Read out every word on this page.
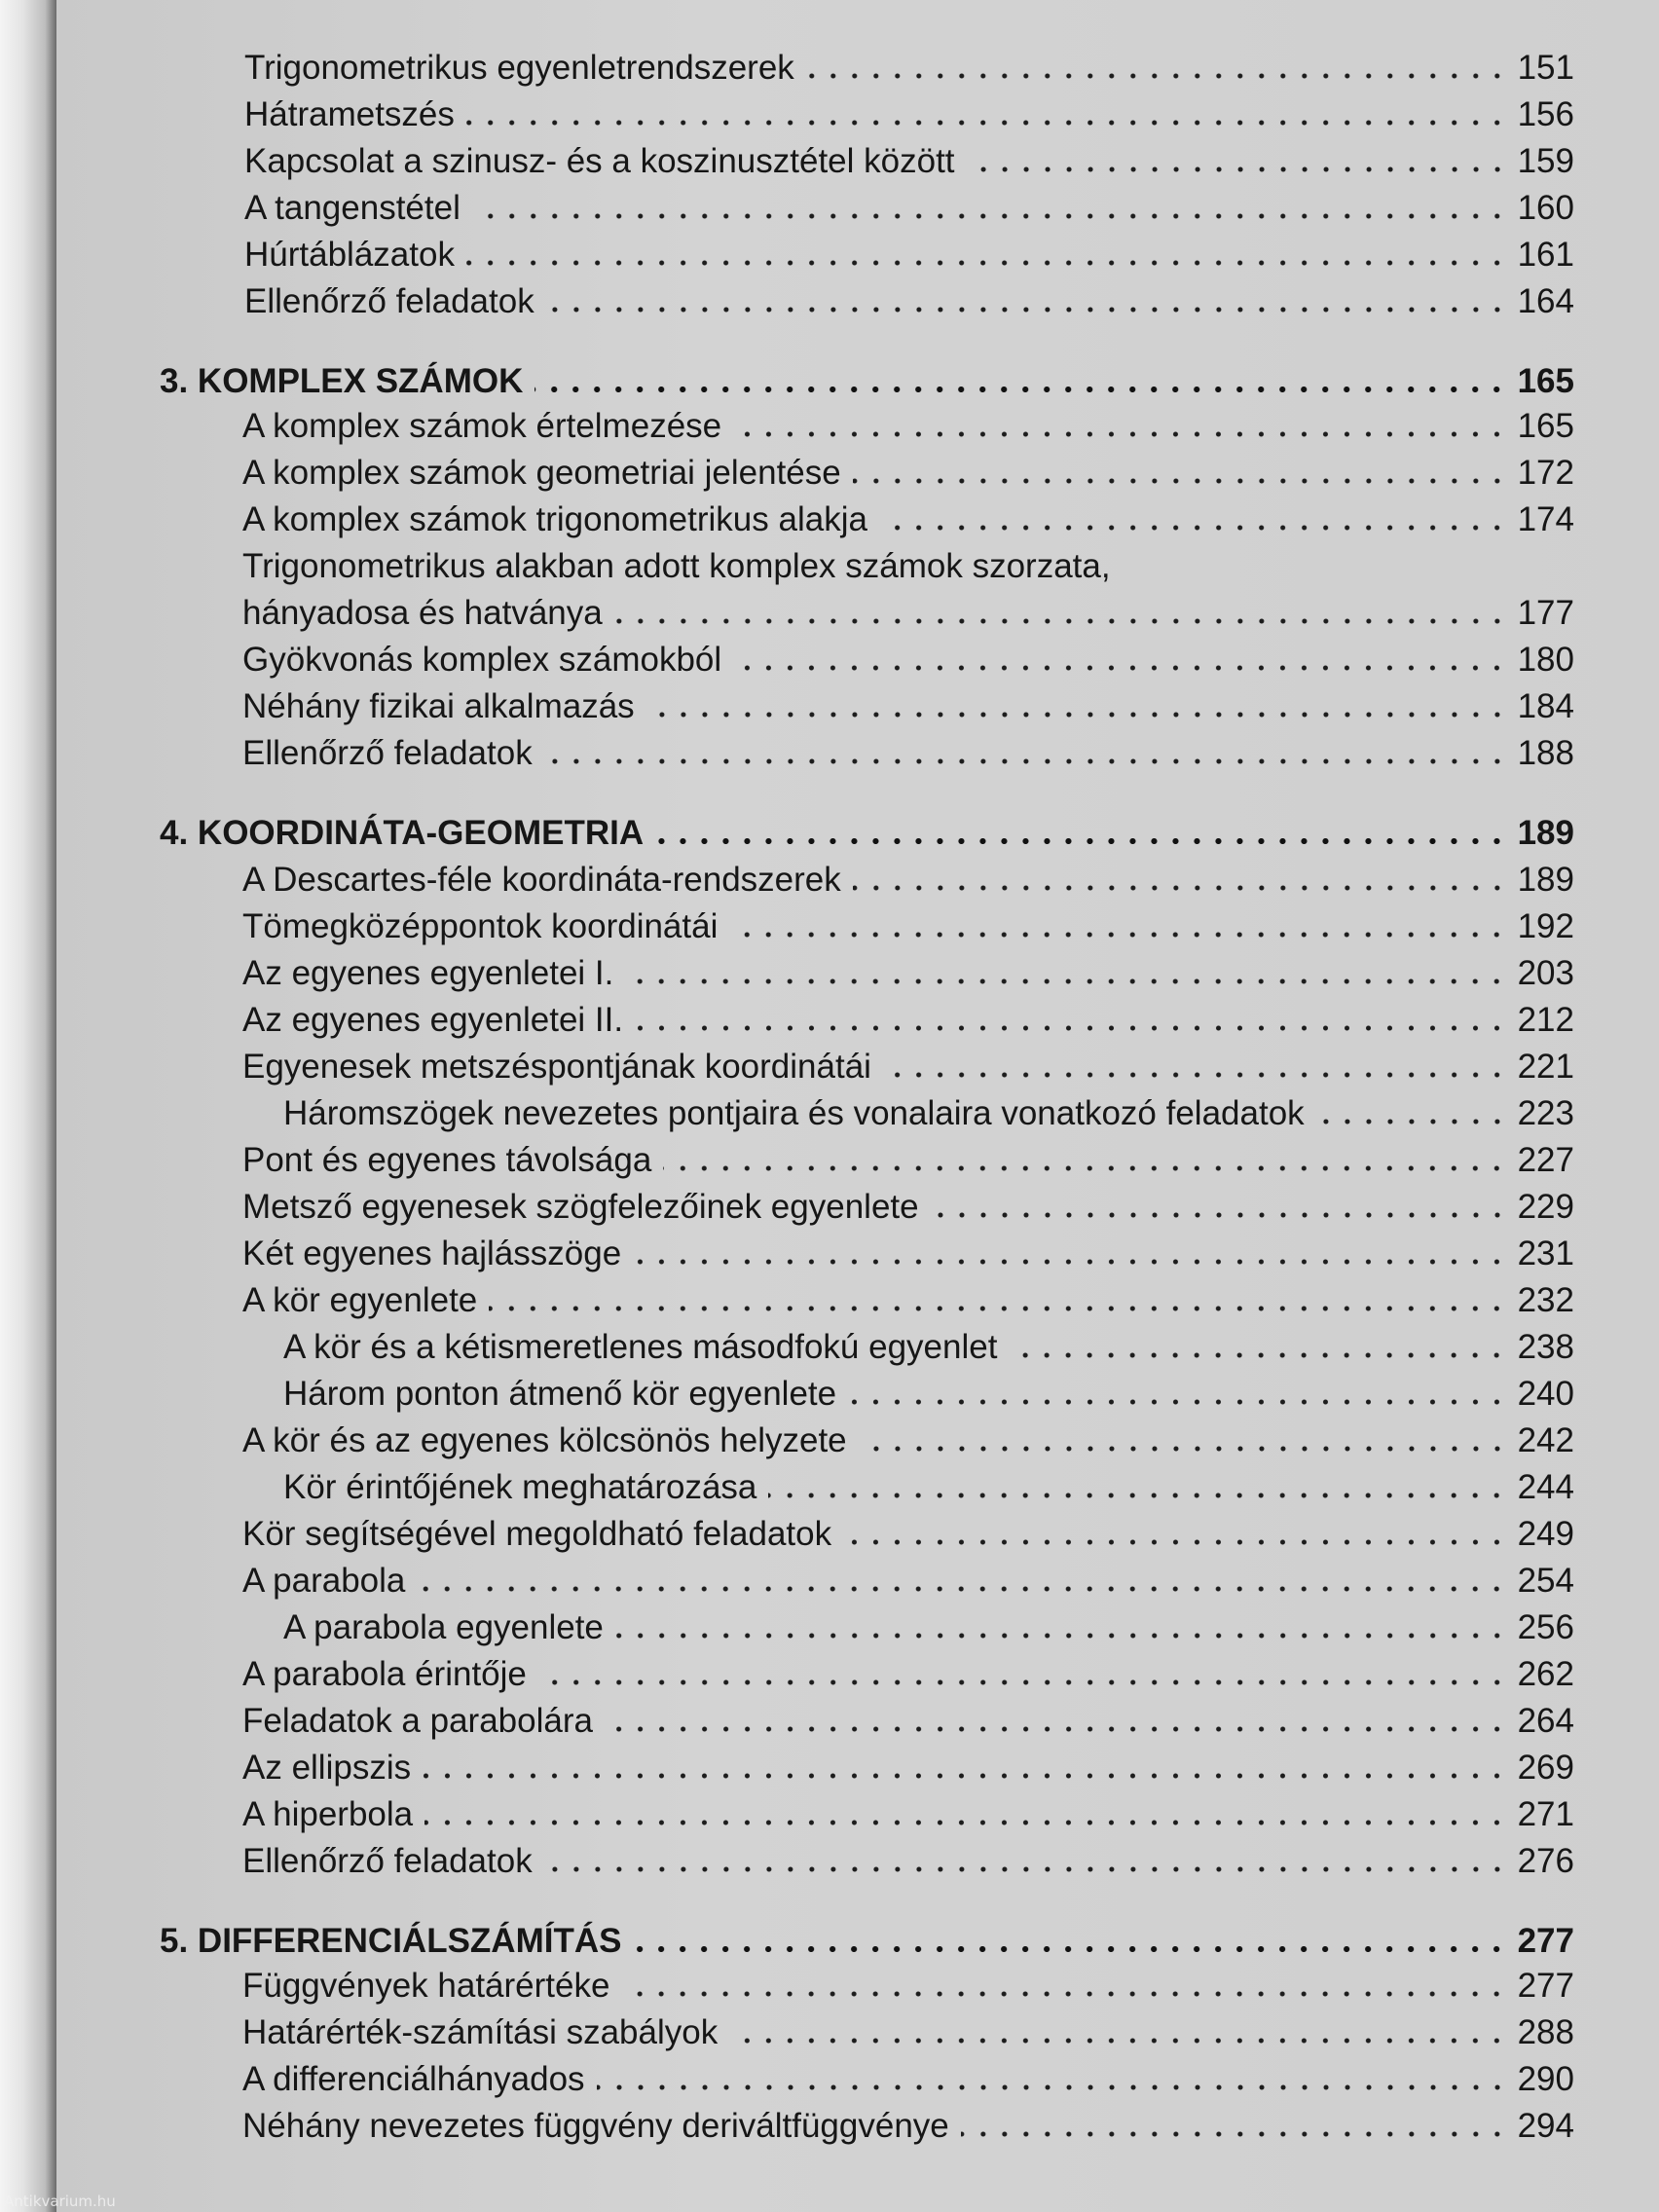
Trigonometrikus egyenletrendszerek	151
Hátrametszés	156
Kapcsolat a szinusz- és a koszinusztétel között	159
A tangenstétel	160
Húrtáblázatok	161
Ellenőrző feladatok	164
3. KOMPLEX SZÁMOK	165
A komplex számok értelmezése	165
A komplex számok geometriai jelentése	172
A komplex számok trigonometrikus alakja	174
Trigonometrikus alakban adott komplex számok szorzata,
hányadosa és hatványa	177
Gyökvonás komplex számokból	180
Néhány fizikai alkalmazás	184
Ellenőrző feladatok	188
4. KOORDINÁTA-GEOMETRIA	189
A Descartes-féle koordináta-rendszerek	189
Tömegközéppontok koordinátái	192
Az egyenes egyenletei I.	203
Az egyenes egyenletei II.	212
Egyenesek metszéspontjának koordinátái	221
Háromszögek nevezetes pontjaira és vonalaira vonatkozó feladatok	223
Pont és egyenes távolsága	227
Metsző egyenesek szögfelezőinek egyenlete	229
Két egyenes hajlásszöge	231
A kör egyenlete	232
A kör és a kétismeretlenes másodfokú egyenlet	238
Három ponton átmenő kör egyenlete	240
A kör és az egyenes kölcsönös helyzete	242
Kör érintőjének meghatározása	244
Kör segítségével megoldható feladatok	249
A parabola	254
A parabola egyenlete	256
A parabola érintője	262
Feladatok a parabolára	264
Az ellipszis	269
A hiperbola	271
Ellenőrző feladatok	276
5. DIFFERENCIÁLSZÁMÍTÁS	277
Függvények határértéke	277
Határérték-számítási szabályok	288
A differenciálhányados	290
Néhány nevezetes függvény deriváltfüggvénye	294
Antikvarium.hu
